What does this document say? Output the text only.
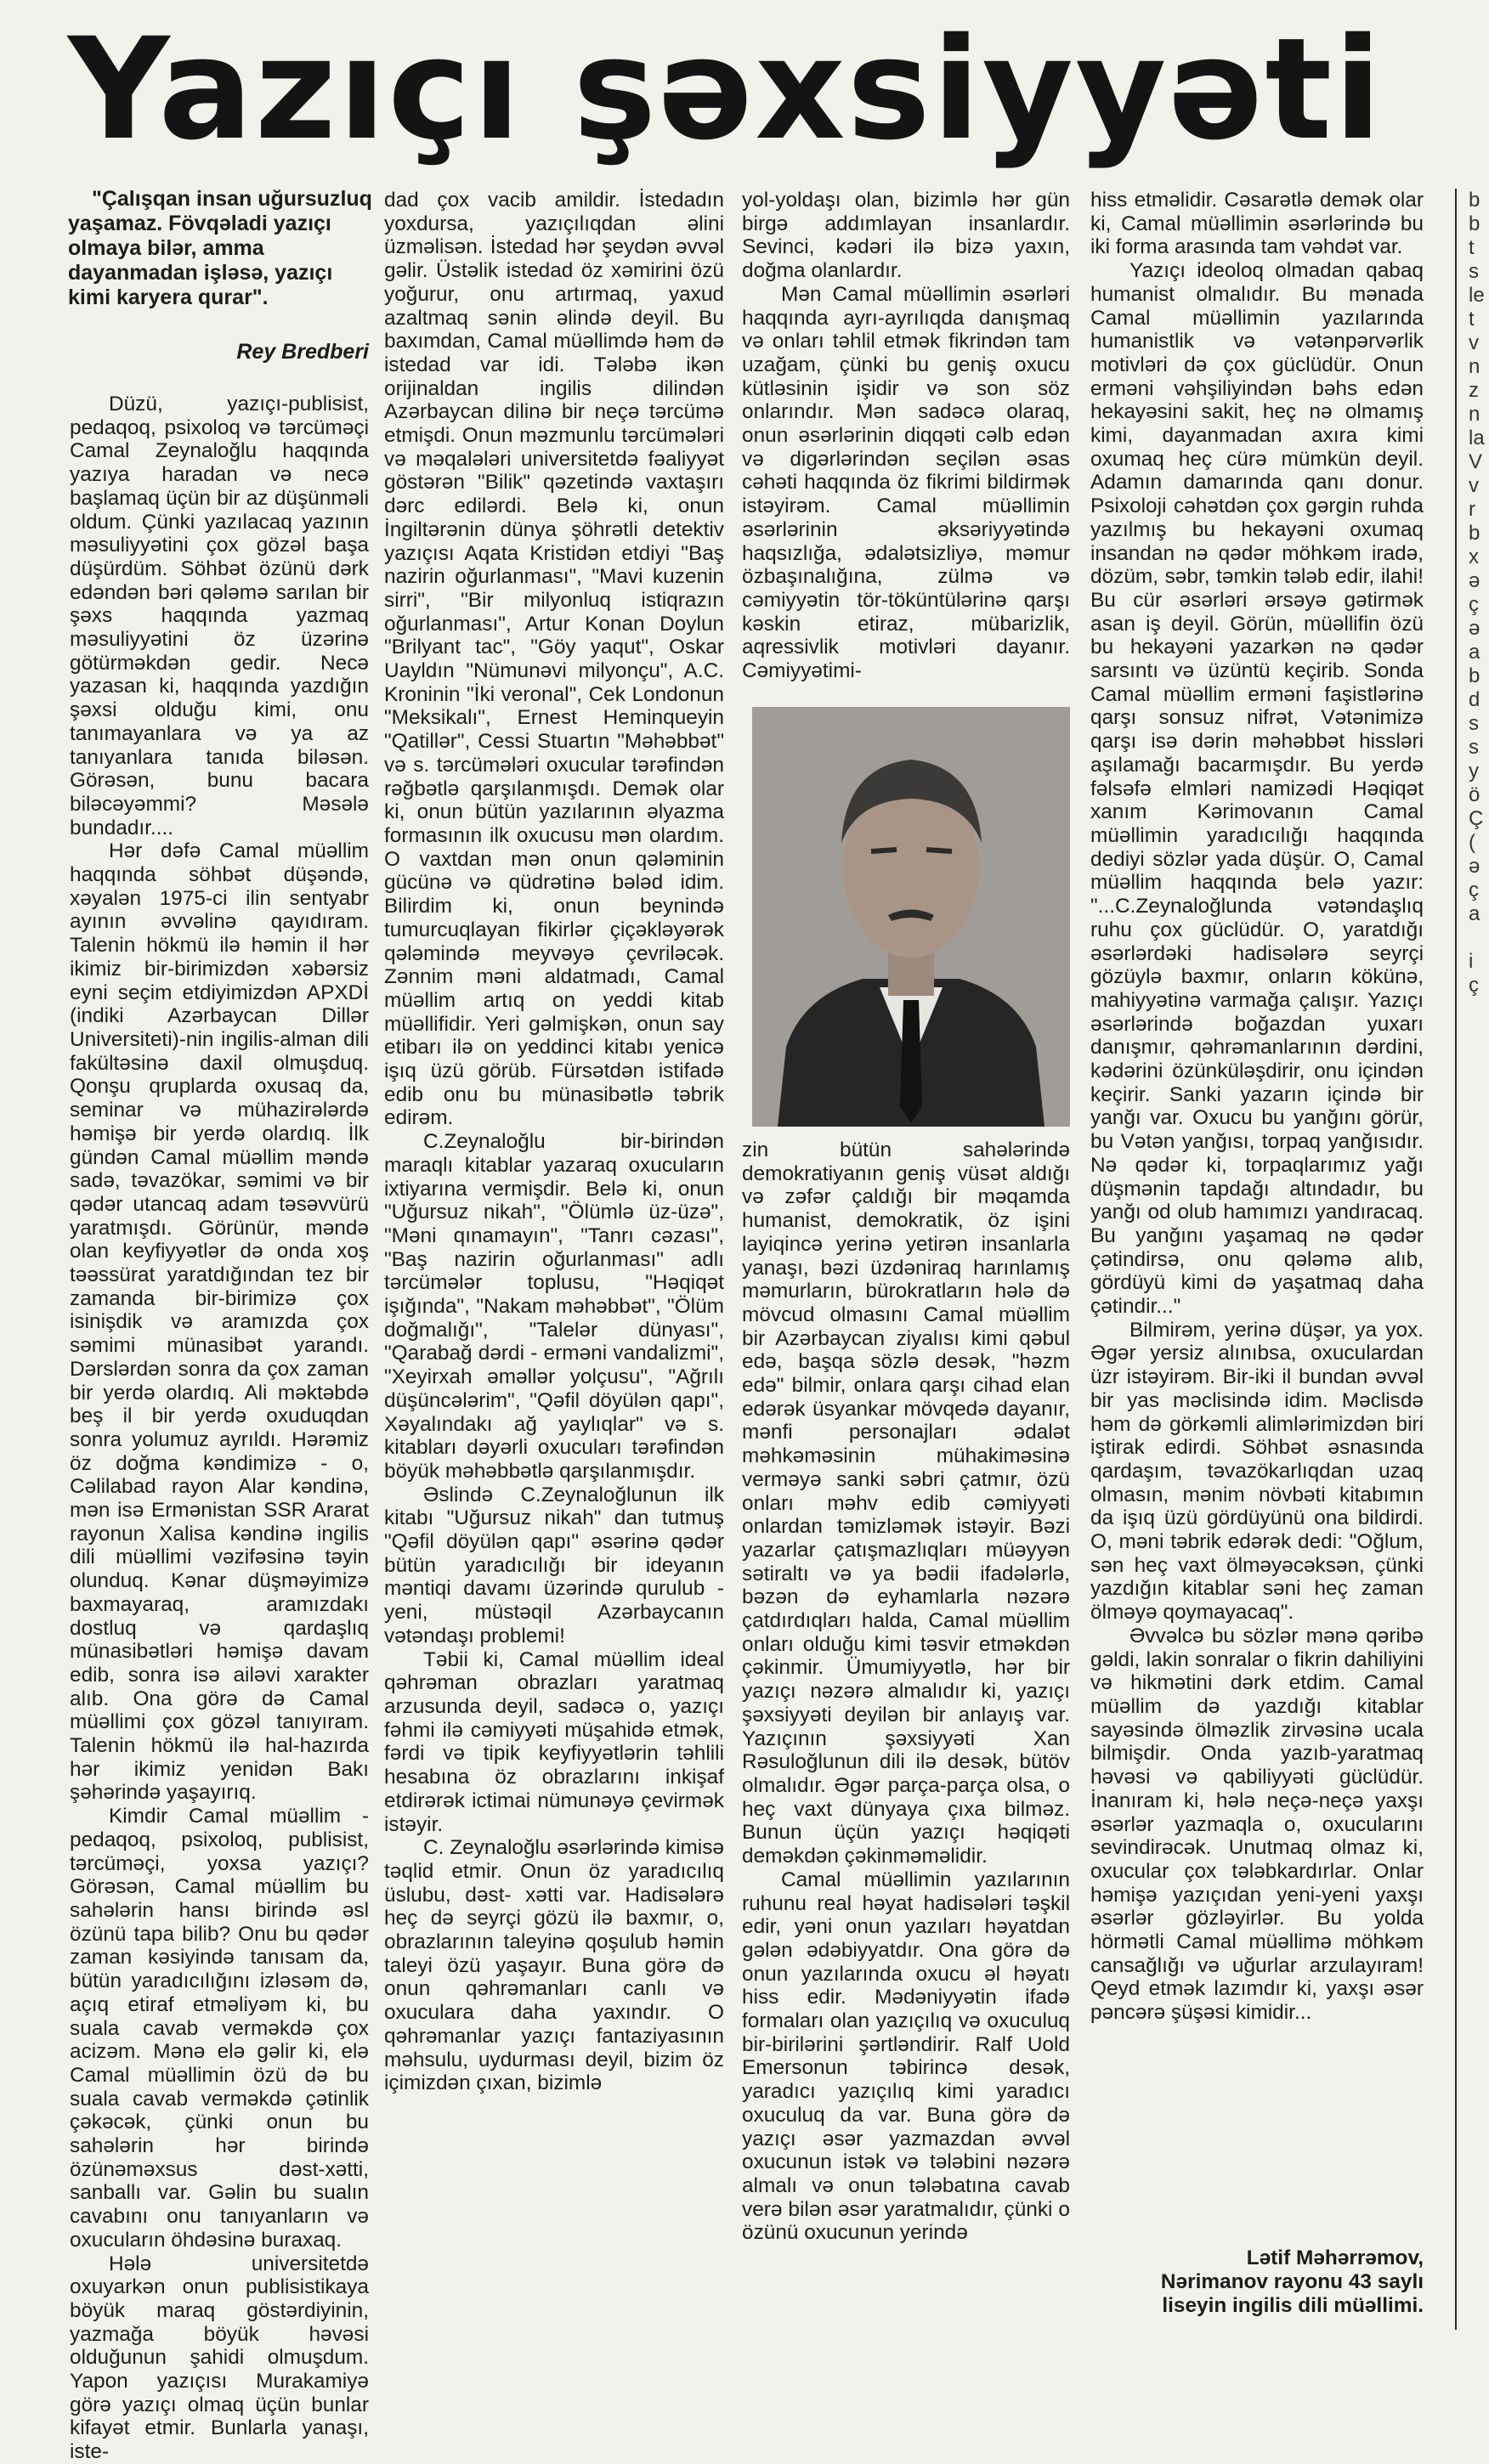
Yazıçı şəxsiyyəti
"Çalışqan insan uğursuzluq yaşamaz. Fövqəladi yazıçı olmaya bilər, amma dayanmadan işləsə, yazıçı kimi karyera qurar".
Rey Bredberi

Düzü, yazıçı-publisist, pedaqoq, psixoloq və tərcüməçi Camal Zeynaloğlu haqqında yazıya haradan və necə başlamaq üçün bir az düşünməli oldum. Çünki yazılacaq yazının məsuliyyətini çox gözəl başa düşürdüm. Söhbət özünü dərk edəndən bəri qələmə sarılan bir şəxs haqqında yazmaq məsuliyyətini öz üzərinə götürməkdən gedir. Necə yazasan ki, haqqında yazdığın şəxsi olduğu kimi, onu tanımayanlara və ya az tanıyanlara tanıda biləsən. Görəsən, bunu bacara biləcəyəmmi? Məsələ bundadır....

Hər dəfə Camal müəllim haqqında söhbət düşəndə, xəyalən 1975-ci ilin sentyabr ayının əvvəlinə qayıdıram. Talenin hökmü ilə həmin il hər ikimiz bir-birimizdən xəbərsiz eyni seçim etdiyimizdən APXDİ (indiki Azərbaycan Dillər Universiteti)-nin ingilis-alman dili fakültəsinə daxil olmuşduq. Qonşu qruplarda oxusaq da, seminar və mühazirələrdə həmişə bir yerdə olardıq. İlk gündən Camal müəllim məndə sadə, təvazökar, səmimi və bir qədər utancaq adam təsəvvürü yaratmışdı. Görünür, məndə olan keyfiyyətlər də onda xoş təəssürat yaratdığından tez bir zamanda bir-birimizə çox isinişdik və aramızda çox səmimi münasibət yarandı. Dərslərdən sonra da çox zaman bir yerdə olardıq. Ali məktəbdə beş il bir yerdə oxuduqdan sonra yolumuz ayrıldı. Hərəmiz öz doğma kəndimizə - o, Cəlilabad rayon Alar kəndinə, mən isə Ermənistan SSR Ararat rayonun Xalisa kəndinə ingilis dili müəllimi vəzifəsinə təyin olunduq. Kənar düşməyimizə baxmayaraq, aramızdakı dostluq və qardaşlıq münasibətləri həmişə davam edib, sonra isə ailəvi xarakter alıb. Ona görə də Camal müəllimi çox gözəl tanıyıram. Talenin hökmü ilə hal-hazırda hər ikimiz yenidən Bakı şəhərində yaşayırıq.

Kimdir Camal müəllim - pedaqoq, psixoloq, publisist, tərcüməçi, yoxsa yazıçı? Görəsən, Camal müəllim bu sahələrin hansı birində əsl özünü tapa bilib? Onu bu qədər zaman kəsiyində tanısam da, bütün yaradıcılığını izləsəm də, açıq etiraf etməliyəm ki, bu suala cavab verməkdə çox acizəm. Mənə elə gəlir ki, elə Camal müəllimin özü də bu suala cavab verməkdə çətinlik çəkəcək, çünki onun bu sahələrin hər birində özünəməxsus dəst-xətti, sanballı var. Gəlin bu sualın cavabını onu tanıyanların və oxucuların öhdəsinə buraxaq.

Hələ universitetdə oxuyarkən onun publisistikaya böyük maraq göstərdiyinin, yazmağa böyük həvəsi olduğunun şahidi olmuşdum. Yapon yazıçısı Murakamiyə görə yazıçı olmaq üçün bunlar kifayət etmir. Bunlarla yanaşı, iste-

dad çox vacib amildir. İstedadın yoxdursa, yazıçılıqdan əlini üzməlisən. İstedad hər şeydən əvvəl gəlir. Üstəlik istedad öz xəmirini özü yoğurur, onu artırmaq, yaxud azaltmaq sənin əlində deyil. Bu baxımdan, Camal müəllimdə həm də istedad var idi. Tələbə ikən orijinaldan ingilis dilindən Azərbaycan dilinə bir neçə tərcümə etmişdi. Onun məzmunlu tərcümələri və məqalələri universitetdə fəaliyyət göstərən "Bilik" qəzetində vaxtaşırı dərc edilərdi. Belə ki, onun İngiltərənin dünya şöhrətli detektiv yazıçısı Aqata Kristidən etdiyi "Baş nazirin oğurlanması", "Mavi kuzenin sirri", "Bir milyonluq istiqrazın oğurlanması", Artur Konan Doylun "Brilyant tac", "Göy yaqut", Oskar Uayldın "Nümunəvi milyonçu", A.C. Kroninin "İki veronal", Cek Londonun "Meksikalı", Ernest Heminqueyin "Qatillər", Cessi Stuartın "Məhəbbət" və s. tərcümələri oxucular tərəfindən rəğbətlə qarşılanmışdı. Demək olar ki, onun bütün yazılarının əlyazma formasının ilk oxucusu mən olardım. O vaxtdan mən onun qələminin gücünə və qüdrətinə bələd idim. Bilirdim ki, onun beynində tumurcuqlayan fikirlər çiçəkləyərək qələmində meyvəyə çevriləcək. Zənnim məni aldatmadı, Camal müəllim artıq on yeddi kitab müəllifidir. Yeri gəlmişkən, onun say etibarı ilə on yeddinci kitabı yenicə işıq üzü görüb. Fürsətdən istifadə edib onu bu münasibətlə təbrik edirəm.

C.Zeynaloğlu bir-birindən maraqlı kitablar yazaraq oxucuların ixtiyarına vermişdir. Belə ki, onun "Uğursuz nikah", "Ölümlə üz-üzə", "Məni qınamayın", "Tanrı cəzası", "Baş nazirin oğurlanması" adlı tərcümələr toplusu, "Həqiqət işığında", "Nakam məhəbbət", "Ölüm doğmalığı", "Talelər dünyası", "Qarabağ dərdi - erməni vandalizmi", "Xeyirxah əməllər yolçusu", "Ağrılı düşüncələrim", "Qəfil döyülən qapı", Xəyalındakı ağ yaylıqlar" və s. kitabları dəyərli oxucuları tərəfindən böyük məhəbbətlə qarşılanmışdır.

Əslində C.Zeynaloğlunun ilk kitabı "Uğursuz nikah" dan tutmuş "Qəfil döyülən qapı" əsərinə qədər bütün yaradıcılığı bir ideyanın məntiqi davamı üzərində qurulub - yeni, müstəqil Azərbaycanın vətəndaşı problemi!

Təbii ki, Camal müəllim ideal qəhrəman obrazları yaratmaq arzusunda deyil, sadəcə o, yazıçı fəhmi ilə cəmiyyəti müşahidə etmək, fərdi və tipik keyfiyyətlərin təhlili hesabına öz obrazlarını inkişaf etdirərək ictimai nümunəyə çevirmək istəyir.

C. Zeynaloğlu əsərlərində kimisə təqlid etmir. Onun öz yaradıcılıq üslubu, dəst- xətti var. Hadisələrə heç də seyrçi gözü ilə baxmır, o, obrazlarının taleyinə qoşulub həmin taleyi özü yaşayır. Buna görə də onun qəhrəmanları canlı və oxuculara daha yaxındır. O qəhrəmanlar yazıçı fantaziyasının məhsulu, uydurması deyil, bizim öz içimizdən çıxan, bizimlə

yol-yoldaşı olan, bizimlə hər gün birgə addımlayan insanlardır. Sevinci, kədəri ilə bizə yaxın, doğma olanlardır.

Mən Camal müəllimin əsərləri haqqında ayrı-ayrılıqda danışmaq və onları təhlil etmək fikrindən tam uzağam, çünki bu geniş oxucu kütləsinin işidir və son söz onlarındır. Mən sadəcə olaraq, onun əsərlərinin diqqəti cəlb edən və digərlərindən seçilən əsas cəhəti haqqında öz fikrimi bildirmək istəyirəm. Camal müəllimin əsərlərinin əksəriyyətində haqsızlığa, ədalətsizliyə, məmur özbaşınalığına, zülmə və cəmiyyətin tör-töküntülərinə qarşı kəskin etiraz, mübarizlik, aqressivlik motivləri dayanır. Cəmiyyətimi-

zin bütün sahələrində demokratiyanın geniş vüsət aldığı və zəfər çaldığı bir məqamda humanist, demokratik, öz işini layiqincə yerinə yetirən insanlarla yanaşı, bəzi üzdəniraq harınlamış məmurların, bürokratların hələ də mövcud olmasını Camal müəllim bir Azərbaycan ziyalısı kimi qəbul edə, başqa sözlə desək, "həzm edə" bilmir, onlara qarşı cihad elan edərək üsyankar mövqedə dayanır, mənfi personajları ədalət məhkəməsinin mühakiməsinə verməyə sanki səbri çatmır, özü onları məhv edib cəmiyyəti onlardan təmizləmək istəyir. Bəzi yazarlar çatışmazlıqları müəyyən sətiraltı və ya bədii ifadələrlə, bəzən də eyhamlarla nəzərə çatdırdıqları halda, Camal müəllim onları olduğu kimi təsvir etməkdən çəkinmir. Ümumiyyətlə, hər bir yazıçı nəzərə almalıdır ki, yazıçı şəxsiyyəti deyilən bir anlayış var. Yazıçının şəxsiyyəti Xan Rəsuloğlunun dili ilə desək, bütöv olmalıdır. Əgər parça-parça olsa, o heç vaxt dünyaya çıxa bilməz. Bunun üçün yazıçı həqiqəti deməkdən çəkinməməlidir.

Camal müəllimin yazılarının ruhunu real həyat hadisələri təşkil edir, yəni onun yazıları həyatdan gələn ədəbiyyatdır. Ona görə də onun yazılarında oxucu əl həyatı hiss edir. Mədəniyyətin ifadə formaları olan yazıçılıq və oxuculuq bir-birilərini şərtləndirir. Ralf Uold Emersonun təbirincə desək, yaradıcı yazıçılıq kimi yaradıcı oxuculuq da var. Buna görə də yazıçı əsər yazmazdan əvvəl oxucunun istək və tələbini nəzərə almalı və onun tələbatına cavab verə bilən əsər yaratmalıdır, çünki o özünü oxucunun yerində

hiss etməlidir. Cəsarətlə demək olar ki, Camal müəllimin əsərlərində bu iki forma arasında tam vəhdət var.

Yazıçı ideoloq olmadan qabaq humanist olmalıdır. Bu mənada Camal müəllimin yazılarında humanistlik və vətənpərvərlik motivləri də çox güclüdür. Onun erməni vəhşiliyindən bəhs edən hekayəsini sakit, heç nə olmamış kimi, dayanmadan axıra kimi oxumaq heç cürə mümkün deyil. Adamın damarında qanı donur. Psixoloji cəhətdən çox gərgin ruhda yazılmış bu hekayəni oxumaq insandan nə qədər möhkəm iradə, dözüm, səbr, təmkin tələb edir, ilahi! Bu cür əsərləri ərsəyə gətirmək asan iş deyil. Görün, müəllifin özü bu hekayəni yazarkən nə qədər sarsıntı və üzüntü keçirib. Sonda Camal müəllim erməni faşistlərinə qarşı sonsuz nifrət, Vətənimizə qarşı isə dərin məhəbbət hissləri aşılamağı bacarmışdır. Bu yerdə fəlsəfə elmləri namizədi Həqiqət xanım Kərimovanın Camal müəllimin yaradıcılığı haqqında dediyi sözlər yada düşür. O, Camal müəllim haqqında belə yazır: "...C.Zeynaloğlunda vətəndaşlıq ruhu çox güclüdür. O, yaratdığı əsərlərdəki hadisələrə seyrçi gözüylə baxmır, onların kökünə, mahiyyətinə varmağa çalışır. Yazıçı əsərlərində boğazdan yuxarı danışmır, qəhrəmanlarının dərdini, kədərini özünküləşdirir, onu içindən keçirir. Sanki yazarın içində bir yanğı var. Oxucu bu yanğını görür, bu Vətən yanğısı, torpaq yanğısıdır. Nə qədər ki, torpaqlarımız yağı düşmənin tapdağı altındadır, bu yanğı od olub hamımızı yandıracaq. Bu yanğını yaşamaq nə qədər çətindirsə, onu qələmə alıb, gördüyü kimi də yaşatmaq daha çətindir..."

Bilmirəm, yerinə düşər, ya yox. Əgər yersiz alınıbsa, oxuculardan üzr istəyirəm. Bir-iki il bundan əvvəl bir yas məclisində idim. Məclisdə həm də görkəmli alimlərimizdən biri iştirak edirdi. Söhbət əsnasında qardaşım, təvazökarlıqdan uzaq olmasın, mənim növbəti kitabımın da işıq üzü gördüyünü ona bildirdi. O, məni təbrik edərək dedi: "Oğlum, sən heç vaxt ölməyəcəksən, çünki yazdığın kitablar səni heç zaman ölməyə qoymayacaq".

Əvvəlcə bu sözlər mənə qəribə gəldi, lakin sonralar o fikrin dahiliyini və hikmətini dərk etdim. Camal müəllim də yazdığı kitablar sayəsində ölməzlik zirvəsinə ucala bilmişdir. Onda yazıb-yaratmaq həvəsi və qabiliyyəti güclüdür. İnanıram ki, hələ neçə-neçə yaxşı əsərlər yazmaqla o, oxucularını sevindirəcək. Unutmaq olmaz ki, oxucular çox tələbkardırlar. Onlar həmişə yazıçıdan yeni-yeni yaxşı əsərlər gözləyirlər. Bu yolda hörmətli Camal müəllimə möhkəm cansağlığı və uğurlar arzulayıram! Qeyd etmək lazımdır ki, yaxşı əsər pəncərə şüşəsi kimidir...

Lətif Məhərrəmov,
Nərimanov rayonu 43 saylı
liseyin ingilis dili müəllimi.
b
b
t
s
le
t
v
n
z
n
la
V
v
r
b
x
ə
ç
ə
a
b
d
s
s
y
ö
Ç
(
ə
ç
a

i
ç
